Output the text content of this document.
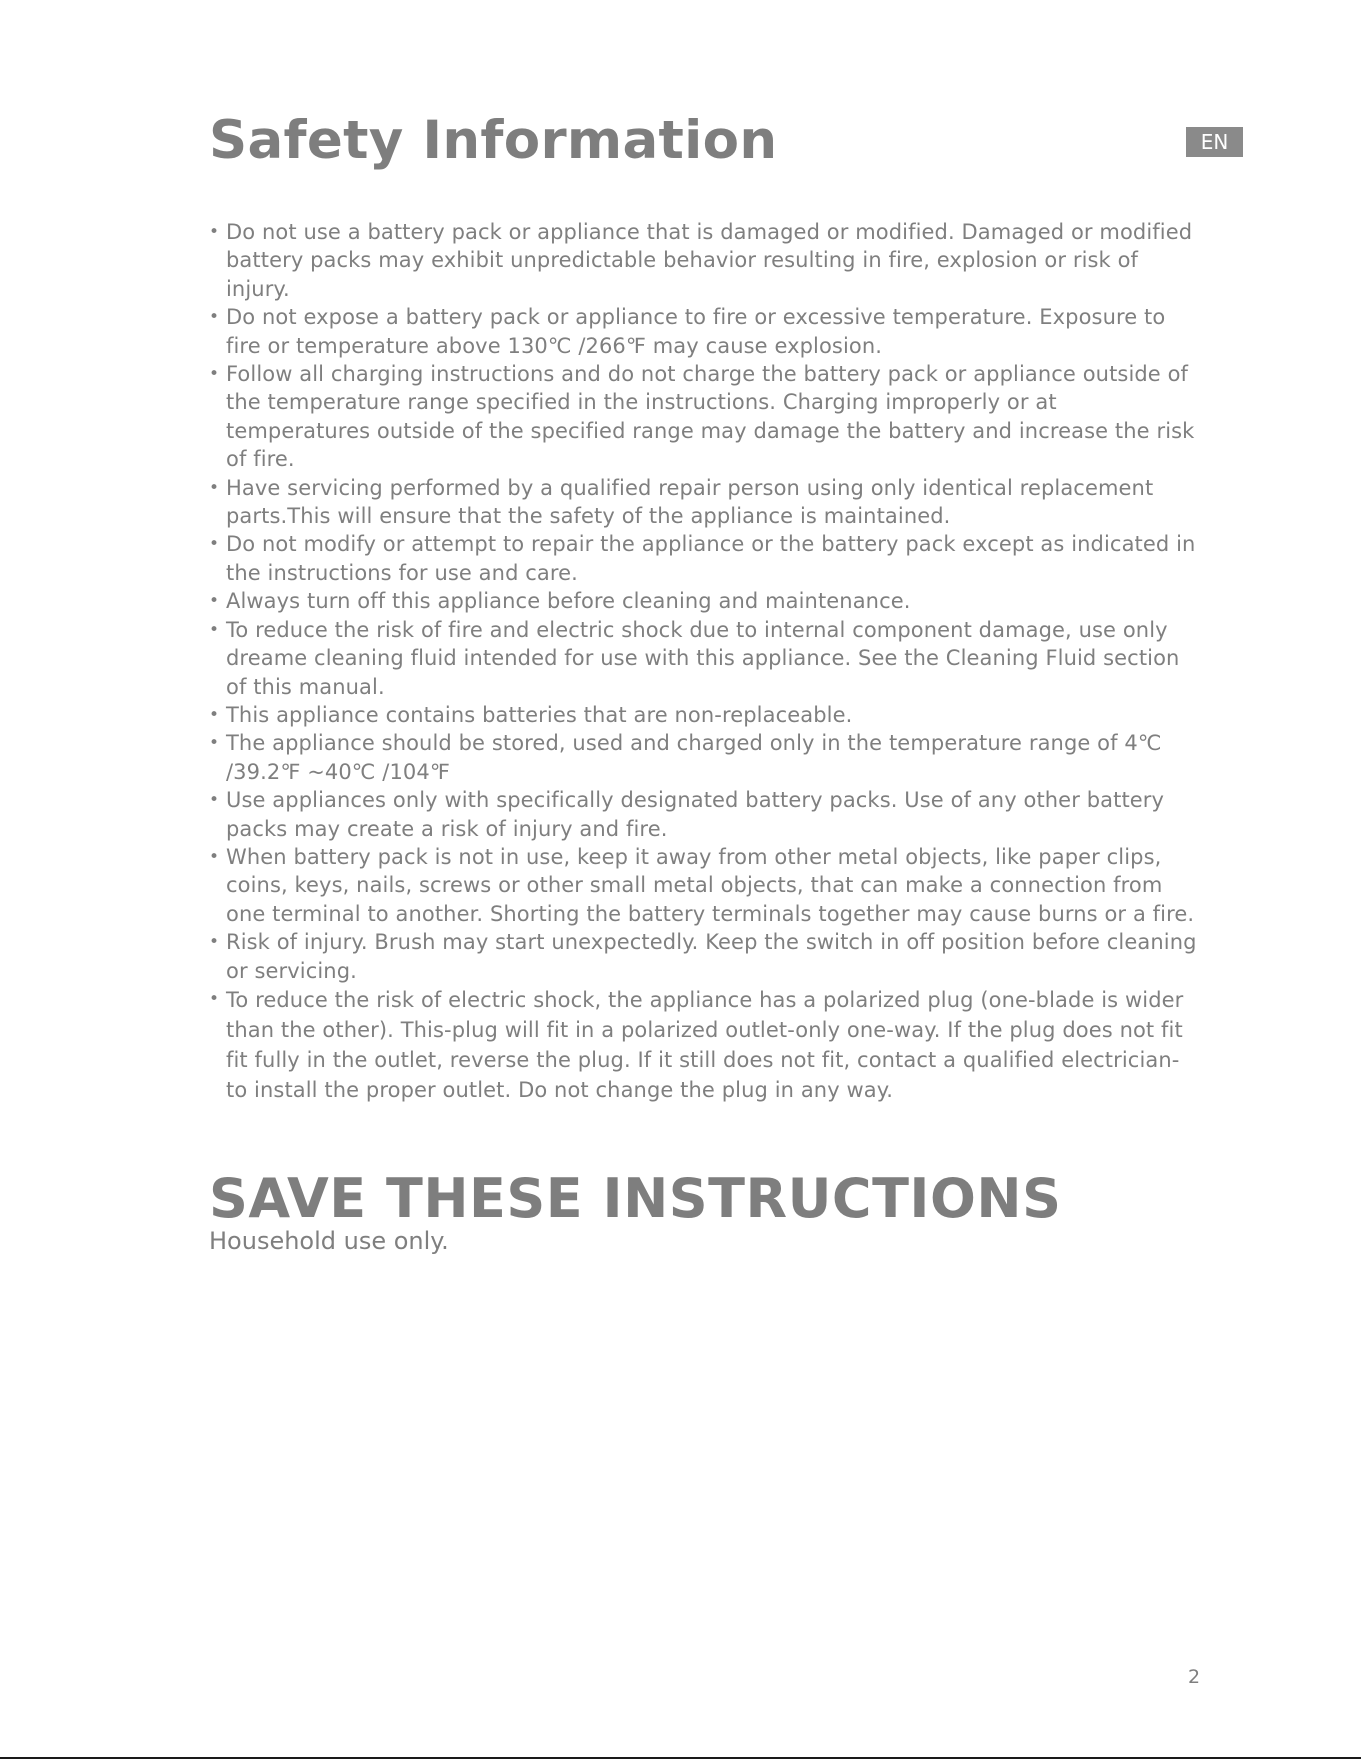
Safety Information	EN
• Do not use a battery pack or appliance that is damaged or modified. Damaged or modified battery packs may exhibit unpredictable behavior resulting in fire, explosion or risk of injury.
• Do not expose a battery pack or appliance to fire or excessive temperature. Exposure to fire or temperature above 130℃ /266℉ may cause explosion.
• Follow all charging instructions and do not charge the battery pack or appliance outside of the temperature range specified in the instructions. Charging improperly or at temperatures outside of the specified range may damage the battery and increase the risk of fire.
• Have servicing performed by a qualified repair person using only identical replacement parts.This will ensure that the safety of the appliance is maintained.
• Do not modify or attempt to repair the appliance or the battery pack except as indicated in the instructions for use and care.
• Always turn off this appliance before cleaning and maintenance.
• To reduce the risk of fire and electric shock due to internal component damage, use only dreame cleaning fluid intended for use with this appliance. See the Cleaning Fluid section of this manual.
• This appliance contains batteries that are non-replaceable.
• The appliance should be stored, used and charged only in the temperature range of 4℃ /39.2℉ ~40℃ /104℉
• Use appliances only with specifically designated battery packs. Use of any other battery packs may create a risk of injury and fire.
• When battery pack is not in use, keep it away from other metal objects, like paper clips, coins, keys, nails, screws or other small metal objects, that can make a connection from one terminal to another. Shorting the battery terminals together may cause burns or a fire.
• Risk of injury. Brush may start unexpectedly. Keep the switch in off position before cleaning or servicing.
• To reduce the risk of electric shock, the appliance has a polarized plug (one-blade is wider than the other). This-plug will fit in a polarized outlet-only one-way. If the plug does not fit fit fully in the outlet, reverse the plug. If it still does not fit, contact a qualified electrician-to install the proper outlet. Do not change the plug in any way.
SAVE THESE INSTRUCTIONS

Household use only.

2
